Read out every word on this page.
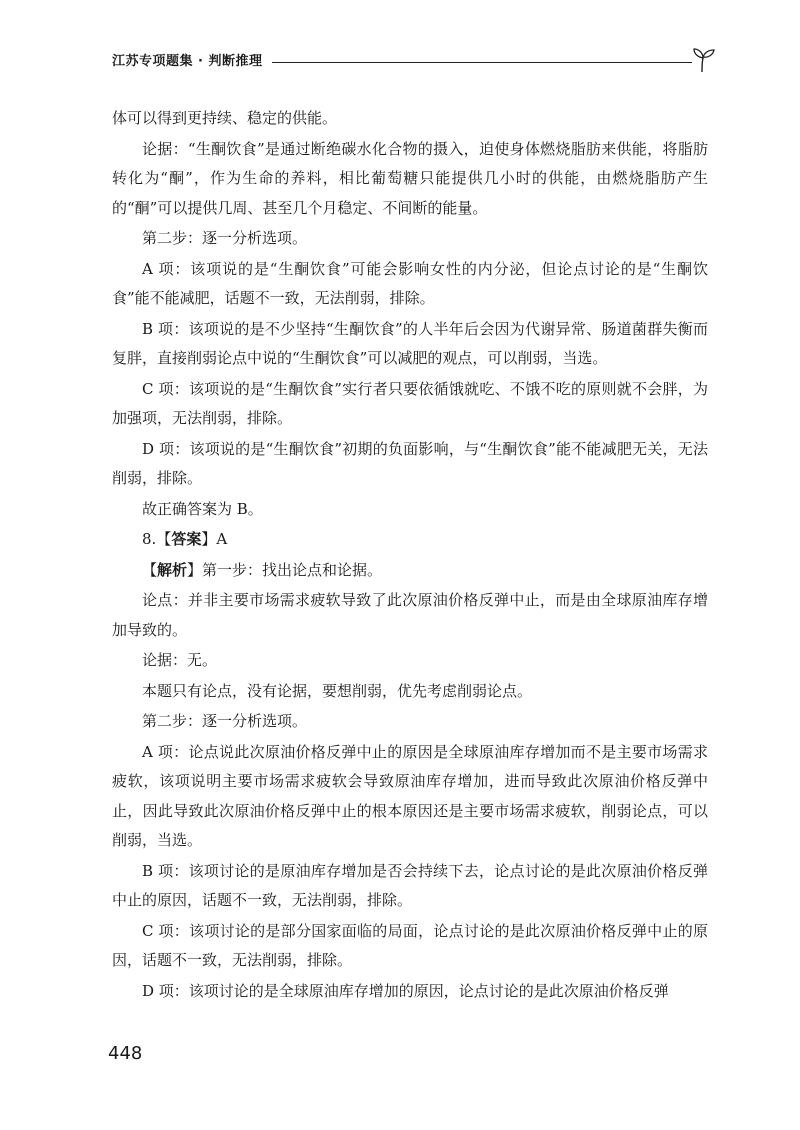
江苏专项题集 · 判断推理

体可以得到更持续、稳定的供能。

论据：“生酮饮食”是通过断绝碳水化合物的摄入，迫使身体燃烧脂肪来供能，将脂肪转化为“酮”，作为生命的养料，相比葡萄糖只能提供几小时的供能，由燃烧脂肪产生的“酮”可以提供几周、甚至几个月稳定、不间断的能量。

第二步：逐一分析选项。

A 项：该项说的是“生酮饮食”可能会影响女性的内分泌，但论点讨论的是“生酮饮食”能不能减肥，话题不一致，无法削弱，排除。

B 项：该项说的是不少坚持“生酮饮食”的人半年后会因为代谢异常、肠道菌群失衡而复胖，直接削弱论点中说的“生酮饮食”可以减肥的观点，可以削弱，当选。

C 项：该项说的是“生酮饮食”实行者只要依循饿就吃、不饿不吃的原则就不会胖，为加强项，无法削弱，排除。

D 项：该项说的是“生酮饮食”初期的负面影响，与“生酮饮食”能不能减肥无关，无法削弱，排除。

故正确答案为 B。

8.【答案】A

【解析】第一步：找出论点和论据。

论点：并非主要市场需求疲软导致了此次原油价格反弹中止，而是由全球原油库存增加导致的。

论据：无。

本题只有论点，没有论据，要想削弱，优先考虑削弱论点。

第二步：逐一分析选项。

A 项：论点说此次原油价格反弹中止的原因是全球原油库存增加而不是主要市场需求疲软，该项说明主要市场需求疲软会导致原油库存增加，进而导致此次原油价格反弹中止，因此导致此次原油价格反弹中止的根本原因还是主要市场需求疲软，削弱论点，可以削弱，当选。

B 项：该项讨论的是原油库存增加是否会持续下去，论点讨论的是此次原油价格反弹中止的原因，话题不一致，无法削弱，排除。

C 项：该项讨论的是部分国家面临的局面，论点讨论的是此次原油价格反弹中止的原因，话题不一致，无法削弱，排除。

D 项：该项讨论的是全球原油库存增加的原因，论点讨论的是此次原油价格反弹

448
